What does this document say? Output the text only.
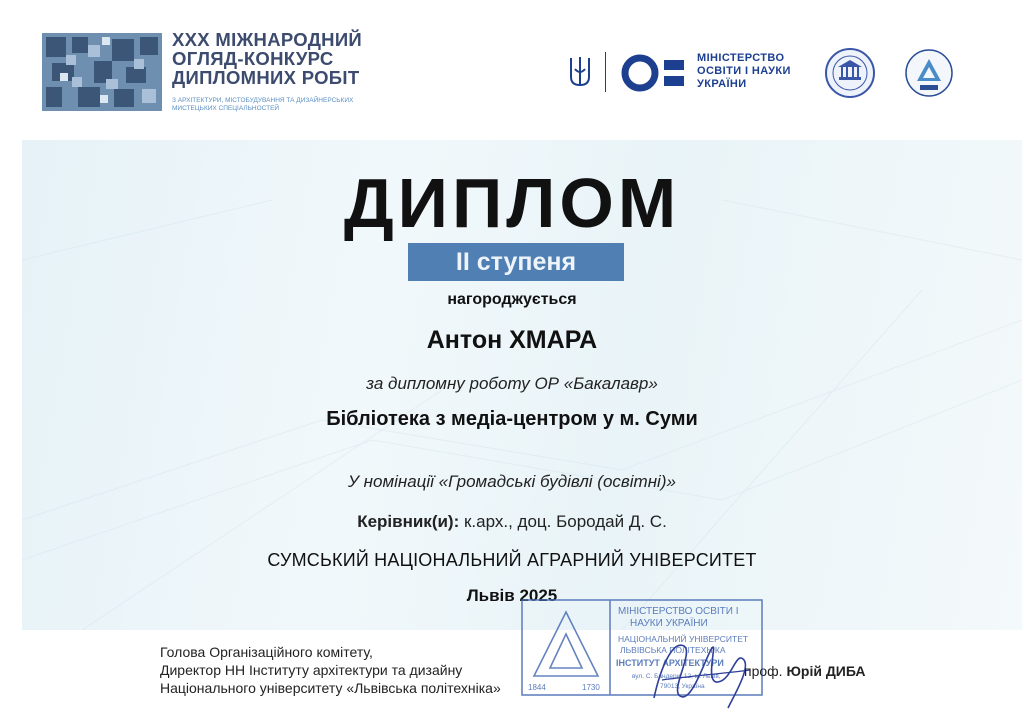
XXX МІЖНАРОДНИЙ
ОГЛЯД-КОНКУРС
ДИПЛОМНИХ РОБІТ
З АРХІТЕКТУРИ, МІСТОБУДУВАННЯ ТА ДИЗАЙНЕРСЬКИХ МИСТЕЦЬКИХ СПЕЦІАЛЬНОСТЕЙ
МІНІСТЕРСТВО
ОСВІТИ І НАУКИ
УКРАЇНИ
ДИПЛОМ
II ступеня
нагороджується
Антон ХМАРА
за дипломну роботу ОР «Бакалавр»
Бібліотека з медіа-центром у м. Суми
У номінації «Громадські будівлі (освітні)»
Керівник(и): к.арх., доц. Бородай Д. С.
СУМСЬКИЙ НАЦІОНАЛЬНИЙ АГРАРНИЙ УНІВЕРСИТЕТ
Львів 2025
Голова Організаційного комітету,
Директор НН Інституту архітектури та дизайну
Національного університету «Львівська політехніка»
МІНІСТЕРСТВО ОСВІТИ І
НАУКИ УКРАЇНИ
НАЦІОНАЛЬНИЙ УНІВЕРСИТЕТ
ЛЬВІВСЬКА ПОЛІТЕХНІКА
ІНСТИТУТ АРХІТЕКТУРИ
вул. С. Бандери, 12, м. Львів,
79013, Україна
1844	1730
проф. Юрій ДИБА
